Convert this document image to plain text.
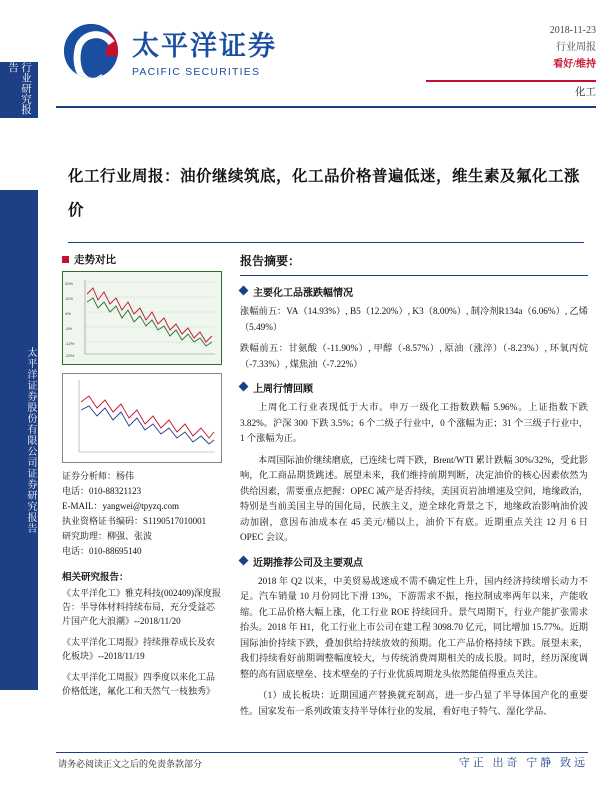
行业研究报告
太平洋证券股份有限公司证券研究报告
太平洋证券
PACIFIC SECURITIES
2018-11-23
行业周报
看好/维持
化工
化工行业周报：油价继续筑底，化工品价格普遍低迷，维生素及氟化工涨价
走势对比
20%
12%
4%
-4%
-12%
-20%
证券分析师：杨伟
电话：010-88321123
E-MAIL：yangwei@tpyzq.com
执业资格证书编码：S1190517010001
研究助理：柳强、张波
电话：010-88695140
相关研究报告：
《太平洋化工》雅克科技(002409)深度报告：半导体材料持续布局，充分受益芯片国产化大浪潮》--2018/11/20
《太平洋化工周报》持续推荐成长及农化板块》--2018/11/19
《太平洋化工周报》四季度以来化工品价格低迷，氟化工和天然气一枝独秀》
报告摘要：
主要化工品涨跌幅情况
涨幅前五：VA（14.93%）, B5（12.20%）, K3（8.00%）, 制冷剂R134a（6.06%）, 乙烯（5.49%）
跌幅前五：甘氨酸（-11.90%）, 甲醇（-8.57%）, 原油（涨淬）（-8.23%）, 环氧丙烷（-7.33%）, 煤焦油（-7.22%）
上周行情回顾
上周化工行业表现低于大市。申万一级化工指数跌幅 5.96%。上证指数下跌 3.82%。沪深 300 下跌 3.5%；6 个二级子行业中，0 个涨幅为正；31 个三级子行业中，1 个涨幅为正。
本周国际油价继续磨底，已连续七周下跌，Brent/WTI 累计跌幅 30%/32%，受此影响，化工商品期货跳述。展望未来，我们维持前期判断，决定油价的核心因素依然为供给因素，需要重点把握：OPEC 减产是否持续，美国页岩油增速及空间，地缘政治，特别是当前美国主导的国化局，民族主义，逆全球化背景之下，地缘政治影响油价波动加剧，意因布油成本在 45 美元/桶以上，油价下有底。近期重点关注 12 月 6 日 OPEC 会议。
近期推荐公司及主要观点
2018 年 Q2 以来，中美贸易战迷成不需不确定性上升，国内经济持续增长动力不足。汽车销量 10 月份同比下滑 13%，下游需求不振，拖拉制成率两年以来，产能收缩。化工品价格大幅上涨，化工行业 ROE 持续回升。景气周期下，行业产能扩张需求抬头。2018 年 H1，化工行业上市公司在建工程 3098.70 亿元，同比增加 15.77%。近期国际油价持续下跌，叠加供给持续放效的预期。化工产品价格持续下跌。展望未来，我们持续看好前期调整幅度较大，与传统消费周期相关的成长股。同时，经历深度调整的高有固底壁垒、技术壁垒的子行业优质周期龙头依然能值得重点关注。
（1）成长板块：近期国通产替换就充制高，进一步凸显了半导体国产化的重要性。国家发布一系列政策支持半导体行业的发展，看好电子特气、湿化学品、
请务必阅读正文之后的免责条款部分	守正 出奇 宁静 致远
